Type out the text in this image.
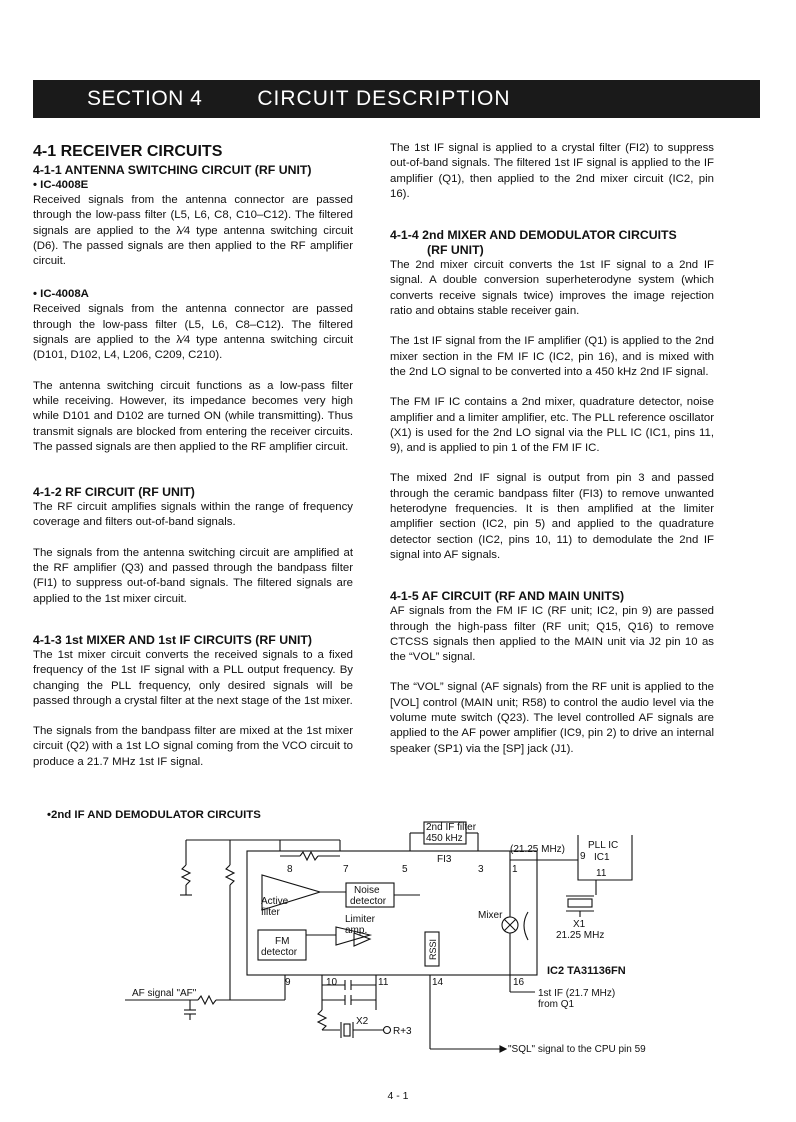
SECTION 4	CIRCUIT DESCRIPTION
4-1 RECEIVER CIRCUITS
4-1-1 ANTENNA SWITCHING CIRCUIT (RF UNIT)
• IC-4008E

Received signals from the antenna connector are passed through the low-pass filter (L5, L6, C8, C10–C12). The filtered signals are applied to the λ⁄4 type antenna switching circuit (D6). The passed signals are then applied to the RF amplifier circuit.

• IC-4008A

Received signals from the antenna connector are passed through the low-pass filter (L5, L6, C8–C12). The filtered signals are applied to the λ⁄4 type antenna switching circuit (D101, D102, L4, L206, C209, C210).

The antenna switching circuit functions as a low-pass filter while receiving. However, its impedance becomes very high while D101 and D102 are turned ON (while transmitting). Thus transmit signals are blocked from entering the receiver circuits. The passed signals are then applied to the RF amplifier circuit.

4-1-2 RF CIRCUIT (RF UNIT)

The RF circuit amplifies signals within the range of frequency coverage and filters out-of-band signals.

The signals from the antenna switching circuit are amplified at the RF amplifier (Q3) and passed through the bandpass filter (FI1) to suppress out-of-band signals. The filtered signals are applied to the 1st mixer circuit.

4-1-3 1st MIXER AND 1st IF CIRCUITS (RF UNIT)

The 1st mixer circuit converts the received signals to a fixed frequency of the 1st IF signal with a PLL output frequency. By changing the PLL frequency, only desired signals will be passed through a crystal filter at the next stage of the 1st mixer.

The signals from the bandpass filter are mixed at the 1st mixer circuit (Q2) with a 1st LO signal coming from the VCO circuit to produce a 21.7 MHz 1st IF signal.

The 1st IF signal is applied to a crystal filter (FI2) to suppress out-of-band signals. The filtered 1st IF signal is applied to the IF amplifier (Q1), then applied to the 2nd mixer circuit (IC2, pin 16).

4-1-4 2nd MIXER AND DEMODULATOR CIRCUITS
(RF UNIT)

The 2nd mixer circuit converts the 1st IF signal to a 2nd IF signal. A double conversion superheterodyne system (which converts receive signals twice) improves the image rejection ratio and obtains stable receiver gain.

The 1st IF signal from the IF amplifier (Q1) is applied to the 2nd mixer section in the FM IF IC (IC2, pin 16), and is mixed with the 2nd LO signal to be converted into a 450 kHz 2nd IF signal.

The FM IF IC contains a 2nd mixer, quadrature detector, noise amplifier and a limiter amplifier, etc. The PLL reference oscillator (X1) is used for the 2nd LO signal via the PLL IC (IC1, pins 11, 9), and is applied to pin 1 of the FM IF IC.

The mixed 2nd IF signal is output from pin 3 and passed through the ceramic bandpass filter (FI3) to remove unwanted heterodyne frequencies. It is then amplified at the limiter amplifier section (IC2, pin 5) and applied to the quadrature detector section (IC2, pins 10, 11) to demodulate the 2nd IF signal into AF signals.

4-1-5 AF CIRCUIT (RF AND MAIN UNITS)

AF signals from the FM IF IC (RF unit; IC2, pin 9) are passed through the high-pass filter (RF unit; Q15, Q16) to remove CTCSS signals then applied to the MAIN unit via J2 pin 10 as the “VOL” signal.

The “VOL” signal (AF signals) from the RF unit is applied to the [VOL] control (MAIN unit; R58) to control the audio level via the volume mute switch (Q23). The level controlled AF signals are applied to the AF power amplifier (IC9, pin 2) to drive an internal speaker (SP1) via the [SP] jack (J1).

•2nd IF AND DEMODULATOR CIRCUITS
2nd IF filter
450 kHz
FI3
(21.25 MHz) PLL IC
IC1
9
11
8	7	5	3	1
Noise
detector
Active
filter
Limiter
amp.
FM
detector	RSSI
Mixer
X1
21.25 MHz
IC2 TA31136FN
9	10	11	14	16
AF signal "AF"
X2
R+3
1st IF (21.7 MHz)
from Q1
"SQL" signal to the CPU pin 59
4 - 1
